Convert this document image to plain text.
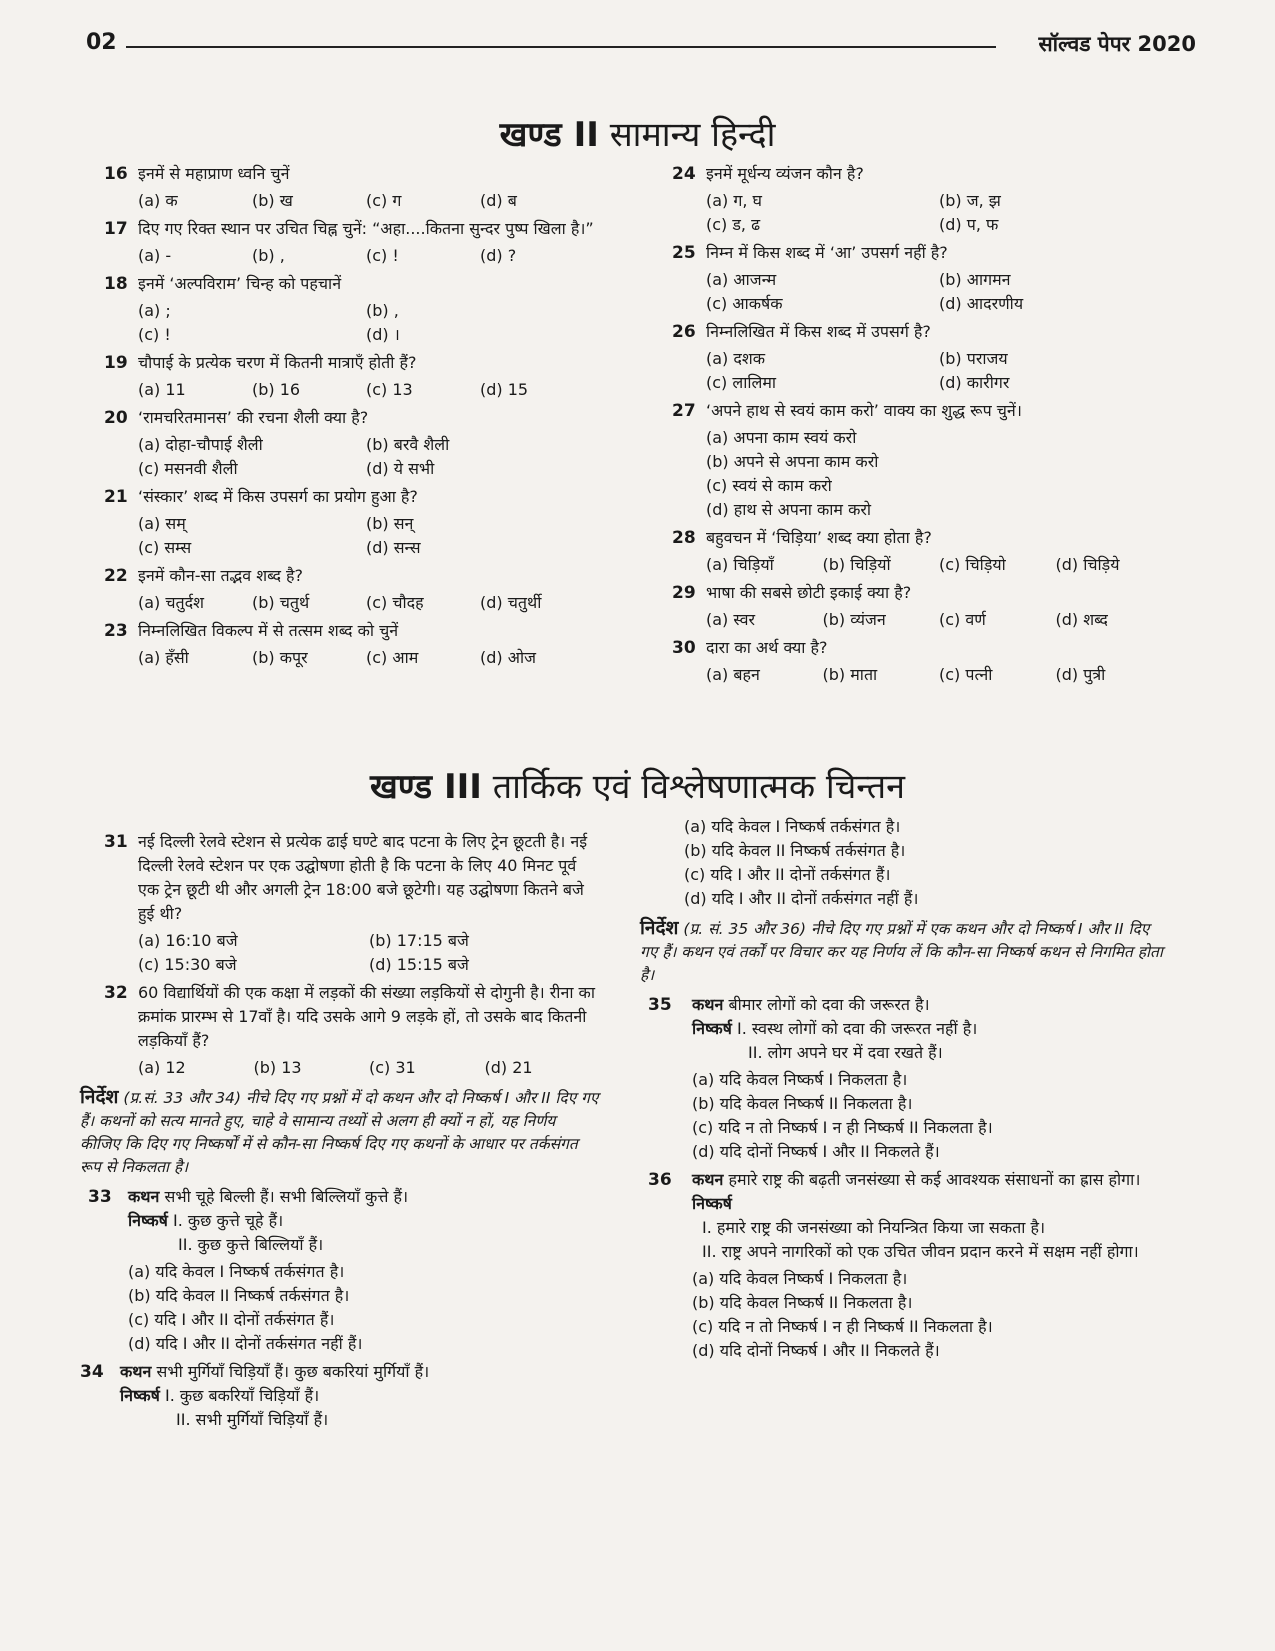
02	सॉल्वड पेपर 2020
खण्ड II सामान्य हिन्दी
16 इनमें से महाप्राण ध्वनि चुनें

(a) क	(b) ख	(c) ग	(d) ब
17 दिए गए रिक्त स्थान पर उचित चिह्न चुनें: “अहा....कितना सुन्दर पुष्प खिला है।”

(a) -	(b) ,	(c) !	(d) ?
18 इनमें ‘अल्पविराम’ चिन्ह को पहचानें

(a) ;	(b) ,
(c) !	(d) ।
19 चौपाई के प्रत्येक चरण में कितनी मात्राएँ होती हैं?

(a) 11	(b) 16	(c) 13	(d) 15
20 ‘रामचरितमानस’ की रचना शैली क्या है?

(a) दोहा-चौपाई शैली	(b) बरवै शैली
(c) मसनवी शैली	(d) ये सभी
21 ‘संस्कार’ शब्द में किस उपसर्ग का प्रयोग हुआ है?

(a) सम्	(b) सन्
(c) सम्स	(d) सन्स
22 इनमें कौन-सा तद्भव शब्द है?

(a) चतुर्दश	(b) चतुर्थ	(c) चौदह	(d) चतुर्थी
23 निम्नलिखित विकल्प में से तत्सम शब्द को चुनें

(a) हँसी	(b) कपूर	(c) आम	(d) ओज
24 इनमें मूर्धन्य व्यंजन कौन है?

(a) ग, घ	(b) ज, झ
(c) ड, ढ	(d) प, फ
25 निम्न में किस शब्द में ‘आ’ उपसर्ग नहीं है?

(a) आजन्म	(b) आगमन
(c) आकर्षक	(d) आदरणीय
26 निम्नलिखित में किस शब्द में उपसर्ग है?

(a) दशक	(b) पराजय
(c) लालिमा	(d) कारीगर
27 ‘अपने हाथ से स्वयं काम करो’ वाक्य का शुद्ध रूप चुनें।

(a) अपना काम स्वयं करो
(b) अपने से अपना काम करो
(c) स्वयं से काम करो
(d) हाथ से अपना काम करो
28 बहुवचन में ‘चिड़िया’ शब्द क्या होता है?

(a) चिड़ियाँ	(b) चिड़ियों	(c) चिड़ियो	(d) चिड़िये
29 भाषा की सबसे छोटी इकाई क्या है?

(a) स्वर	(b) व्यंजन	(c) वर्ण	(d) शब्द
30 दारा का अर्थ क्या है?

(a) बहन	(b) माता	(c) पत्नी	(d) पुत्री
खण्ड III तार्किक एवं विश्लेषणात्मक चिन्तन
31 नई दिल्ली रेलवे स्टेशन से प्रत्येक ढाई घण्टे बाद पटना के लिए ट्रेन छूटती है। नई दिल्ली रेलवे स्टेशन पर एक उद्घोषणा होती है कि पटना के लिए 40 मिनट पूर्व एक ट्रेन छूटी थी और अगली ट्रेन 18:00 बजे छूटेगी। यह उद्घोषणा कितने बजे हुई थी?

(a) 16:10 बजे	(b) 17:15 बजे
(c) 15:30 बजे	(d) 15:15 बजे
32 60 विद्यार्थियों की एक कक्षा में लड़कों की संख्या लड़कियों से दोगुनी है। रीना का क्रमांक प्रारम्भ से 17वाँ है। यदि उसके आगे 9 लड़के हों, तो उसके बाद कितनी लड़कियाँ हैं?

(a) 12	(b) 13	(c) 31	(d) 21
निर्देश (प्र.सं. 33 और 34) नीचे दिए गए प्रश्नों में दो कथन और दो निष्कर्ष I और II दिए गए हैं। कथनों को सत्य मानते हुए, चाहे वे सामान्य तथ्यों से अलग ही क्यों न हों, यह निर्णय कीजिए कि दिए गए निष्कर्षों में से कौन-सा निष्कर्ष दिए गए कथनों के आधार पर तर्कसंगत रूप से निकलता है।
33 कथन सभी चूहे बिल्ली हैं। सभी बिल्लियाँ कुत्ते हैं।

निष्कर्ष I. कुछ कुत्ते चूहे हैं।

II. कुछ कुत्ते बिल्लियाँ हैं।

(a) यदि केवल I निष्कर्ष तर्कसंगत है।
(b) यदि केवल II निष्कर्ष तर्कसंगत है।
(c) यदि I और II दोनों तर्कसंगत हैं।
(d) यदि I और II दोनों तर्कसंगत नहीं हैं।
34 कथन सभी मुर्गियाँ चिड़ियाँ हैं। कुछ बकरियां मुर्गियाँ हैं।

निष्कर्ष I. कुछ बकरियाँ चिड़ियाँ हैं।

II. सभी मुर्गियाँ चिड़ियाँ हैं।

(a) यदि केवल I निष्कर्ष तर्कसंगत है।
(b) यदि केवल II निष्कर्ष तर्कसंगत है।
(c) यदि I और II दोनों तर्कसंगत हैं।
(d) यदि I और II दोनों तर्कसंगत नहीं हैं।
निर्देश (प्र. सं. 35 और 36) नीचे दिए गए प्रश्नों में एक कथन और दो निष्कर्ष I और II दिए गए हैं। कथन एवं तर्कों पर विचार कर यह निर्णय लें कि कौन-सा निष्कर्ष कथन से निगमित होता है।
35 कथन बीमार लोगों को दवा की जरूरत है।

निष्कर्ष I. स्वस्थ लोगों को दवा की जरूरत नहीं है।

II. लोग अपने घर में दवा रखते हैं।

(a) यदि केवल निष्कर्ष I निकलता है।
(b) यदि केवल निष्कर्ष II निकलता है।
(c) यदि न तो निष्कर्ष I न ही निष्कर्ष II निकलता है।
(d) यदि दोनों निष्कर्ष I और II निकलते हैं।
36 कथन हमारे राष्ट्र की बढ़ती जनसंख्या से कई आवश्यक संसाधनों का ह्रास होगा।

निष्कर्ष

I. हमारे राष्ट्र की जनसंख्या को नियन्त्रित किया जा सकता है।

II. राष्ट्र अपने नागरिकों को एक उचित जीवन प्रदान करने में सक्षम नहीं होगा।

(a) यदि केवल निष्कर्ष I निकलता है।
(b) यदि केवल निष्कर्ष II निकलता है।
(c) यदि न तो निष्कर्ष I न ही निष्कर्ष II निकलता है।
(d) यदि दोनों निष्कर्ष I और II निकलते हैं।
